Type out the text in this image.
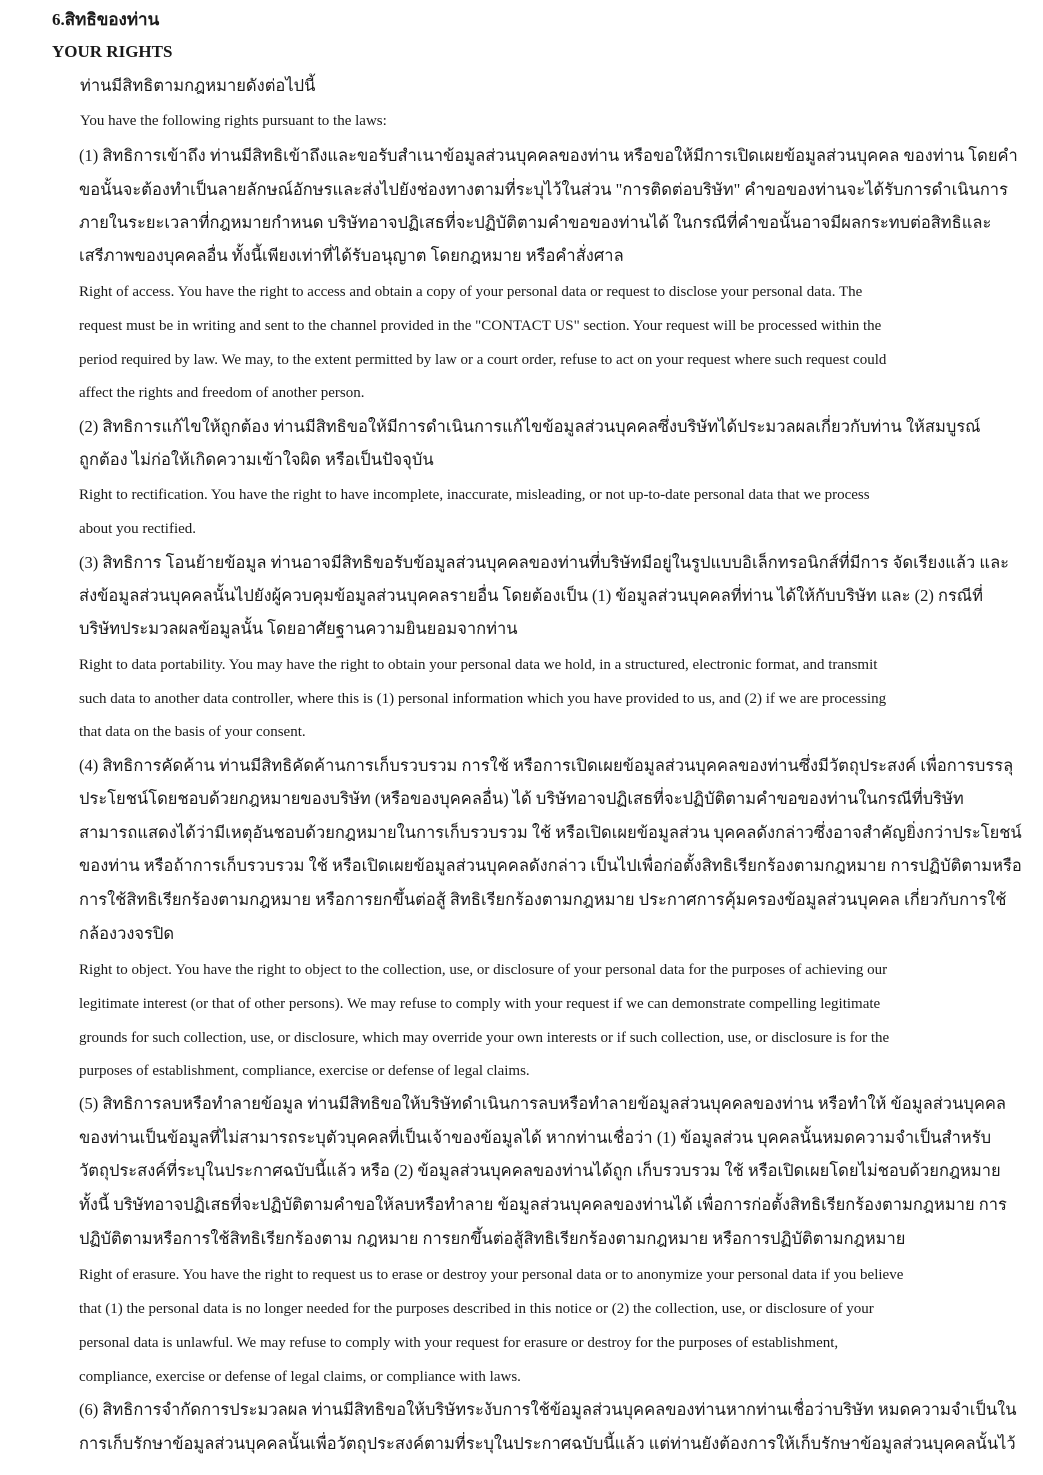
6.สิทธิของท่าน
YOUR RIGHTS
ท่านมีสิทธิตามกฎหมายดังต่อไปนี้
You have the following rights pursuant to the laws:
(1) สิทธิการเข้าถึง ท่านมีสิทธิเข้าถึงและขอรับสำเนาข้อมูลส่วนบุคคลของท่าน หรือขอให้มีการเปิดเผยข้อมูลส่วนบุคคล ของท่าน โดยคำ
ขอนั้นจะต้องทำเป็นลายลักษณ์อักษรและส่งไปยังช่องทางตามที่ระบุไว้ในส่วน "การติดต่อบริษัท" คำขอของท่านจะได้รับการดำเนินการ
ภายในระยะเวลาที่กฎหมายกำหนด บริษัทอาจปฏิเสธที่จะปฏิบัติตามคำขอของท่านได้ ในกรณีที่คำขอนั้นอาจมีผลกระทบต่อสิทธิและ
เสรีภาพของบุคคลอื่น ทั้งนี้เพียงเท่าที่ได้รับอนุญาต โดยกฎหมาย หรือคำสั่งศาล
Right of access. You have the right to access and obtain a copy of your personal data or request to disclose your personal data. The
request must be in writing and sent to the channel provided in the "CONTACT US" section. Your request will be processed within the
period required by law. We may, to the extent permitted by law or a court order, refuse to act on your request where such request could
affect the rights and freedom of another person.
(2) สิทธิการแก้ไขให้ถูกต้อง ท่านมีสิทธิขอให้มีการดำเนินการแก้ไขข้อมูลส่วนบุคคลซึ่งบริษัทได้ประมวลผลเกี่ยวกับท่าน ให้สมบูรณ์
ถูกต้อง ไม่ก่อให้เกิดความเข้าใจผิด หรือเป็นปัจจุบัน
Right to rectification. You have the right to have incomplete, inaccurate, misleading, or not up-to-date personal data that we process
about you rectified.
(3) สิทธิการ โอนย้ายข้อมูล ท่านอาจมีสิทธิขอรับข้อมูลส่วนบุคคลของท่านที่บริษัทมีอยู่ในรูปแบบอิเล็กทรอนิกส์ที่มีการ จัดเรียงแล้ว และ
ส่งข้อมูลส่วนบุคคลนั้นไปยังผู้ควบคุมข้อมูลส่วนบุคคลรายอื่น โดยต้องเป็น (1) ข้อมูลส่วนบุคคลที่ท่าน ได้ให้กับบริษัท และ (2) กรณีที่
บริษัทประมวลผลข้อมูลนั้น โดยอาศัยฐานความยินยอมจากท่าน
Right to data portability. You may have the right to obtain your personal data we hold, in a structured, electronic format, and transmit
such data to another data controller, where this is (1) personal information which you have provided to us, and (2) if we are processing
that data on the basis of your consent.
(4) สิทธิการคัดค้าน ท่านมีสิทธิคัดค้านการเก็บรวบรวม การใช้ หรือการเปิดเผยข้อมูลส่วนบุคคลของท่านซึ่งมีวัตถุประสงค์ เพื่อการบรรลุ
ประโยชน์โดยชอบด้วยกฎหมายของบริษัท (หรือของบุคคลอื่น) ได้ บริษัทอาจปฏิเสธที่จะปฏิบัติตามคำขอของท่านในกรณีที่บริษัท
สามารถแสดงได้ว่ามีเหตุอันชอบด้วยกฎหมายในการเก็บรวบรวม ใช้ หรือเปิดเผยข้อมูลส่วน บุคคลดังกล่าวซึ่งอาจสำคัญยิ่งกว่าประโยชน์
ของท่าน หรือถ้าการเก็บรวบรวม ใช้ หรือเปิดเผยข้อมูลส่วนบุคคลดังกล่าว เป็นไปเพื่อก่อตั้งสิทธิเรียกร้องตามกฎหมาย การปฏิบัติตามหรือ
การใช้สิทธิเรียกร้องตามกฎหมาย หรือการยกขึ้นต่อสู้ สิทธิเรียกร้องตามกฎหมาย ประกาศการคุ้มครองข้อมูลส่วนบุคคล เกี่ยวกับการใช้
กล้องวงจรปิด
Right to object. You have the right to object to the collection, use, or disclosure of your personal data for the purposes of achieving our
legitimate interest (or that of other persons). We may refuse to comply with your request if we can demonstrate compelling legitimate
grounds for such collection, use, or disclosure, which may override your own interests or if such collection, use, or disclosure is for the
purposes of establishment, compliance, exercise or defense of legal claims.
(5) สิทธิการลบหรือทำลายข้อมูล ท่านมีสิทธิขอให้บริษัทดำเนินการลบหรือทำลายข้อมูลส่วนบุคคลของท่าน หรือทำให้ ข้อมูลส่วนบุคคล
ของท่านเป็นข้อมูลที่ไม่สามารถระบุตัวบุคคลที่เป็นเจ้าของข้อมูลได้ หากท่านเชื่อว่า (1) ข้อมูลส่วน บุคคลนั้นหมดความจำเป็นสำหรับ
วัตถุประสงค์ที่ระบุในประกาศฉบับนี้แล้ว หรือ (2) ข้อมูลส่วนบุคคลของท่านได้ถูก เก็บรวบรวม ใช้ หรือเปิดเผยโดยไม่ชอบด้วยกฎหมาย
ทั้งนี้ บริษัทอาจปฏิเสธที่จะปฏิบัติตามคำขอให้ลบหรือทำลาย ข้อมูลส่วนบุคคลของท่านได้ เพื่อการก่อตั้งสิทธิเรียกร้องตามกฎหมาย การ
ปฏิบัติตามหรือการใช้สิทธิเรียกร้องตาม กฎหมาย การยกขึ้นต่อสู้สิทธิเรียกร้องตามกฎหมาย หรือการปฏิบัติตามกฎหมาย
Right of erasure. You have the right to request us to erase or destroy your personal data or to anonymize your personal data if you believe
that (1) the personal data is no longer needed for the purposes described in this notice or (2) the collection, use, or disclosure of your
personal data is unlawful. We may refuse to comply with your request for erasure or destroy for the purposes of establishment,
compliance, exercise or defense of legal claims, or compliance with laws.
(6) สิทธิการจำกัดการประมวลผล ท่านมีสิทธิขอให้บริษัทระงับการใช้ข้อมูลส่วนบุคคลของท่านหากท่านเชื่อว่าบริษัท หมดความจำเป็นใน
การเก็บรักษาข้อมูลส่วนบุคคลนั้นเพื่อวัตถุประสงค์ตามที่ระบุในประกาศฉบับนี้แล้ว แต่ท่านยังต้องการให้เก็บรักษาข้อมูลส่วนบุคคลนั้นไว้
